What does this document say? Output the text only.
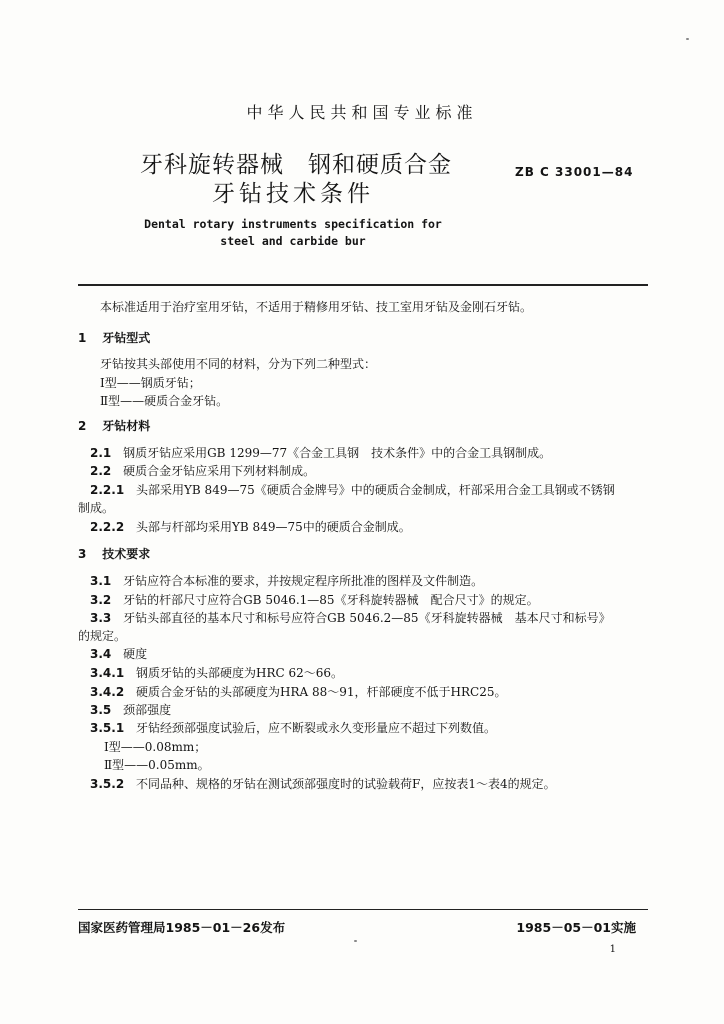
中华人民共和国专业标准
牙科旋转器械　钢和硬质合金
牙钻技术条件
ZB C 33001—84
Dental rotary instruments specification for
steel and carbide bur
本标准适用于治疗室用牙钻，不适用于精修用牙钻、技工室用牙钻及金刚石牙钻。
1 牙钻型式
牙钻按其头部使用不同的材料，分为下列二种型式：
Ⅰ型——钢质牙钻；
Ⅱ型——硬质合金牙钻。
2 牙钻材料
2.1 钢质牙钻应采用GB 1299—77《合金工具钢　技术条件》中的合金工具钢制成。
2.2 硬质合金牙钻应采用下列材料制成。
2.2.1 头部采用YB 849—75《硬质合金牌号》中的硬质合金制成，杆部采用合金工具钢或不锈钢
制成。
2.2.2 头部与杆部均采用YB 849—75中的硬质合金制成。
3 技术要求
3.1 牙钻应符合本标准的要求，并按规定程序所批准的图样及文件制造。
3.2 牙钻的杆部尺寸应符合GB 5046.1—85《牙科旋转器械　配合尺寸》的规定。
3.3 牙钻头部直径的基本尺寸和标号应符合GB 5046.2—85《牙科旋转器械　基本尺寸和标号》
的规定。
3.4 硬度
3.4.1 钢质牙钻的头部硬度为HRC 62～66。
3.4.2 硬质合金牙钻的头部硬度为HRA 88～91，杆部硬度不低于HRC25。
3.5 颈部强度
3.5.1 牙钻经颈部强度试验后，应不断裂或永久变形量应不超过下列数值。
Ⅰ型——0.08mm；
Ⅱ型——0.05mm。
3.5.2 不同品种、规格的牙钻在测试颈部强度时的试验载荷F，应按表1～表4的规定。
国家医药管理局1985－01－26发布	1985－05－01实施
1
